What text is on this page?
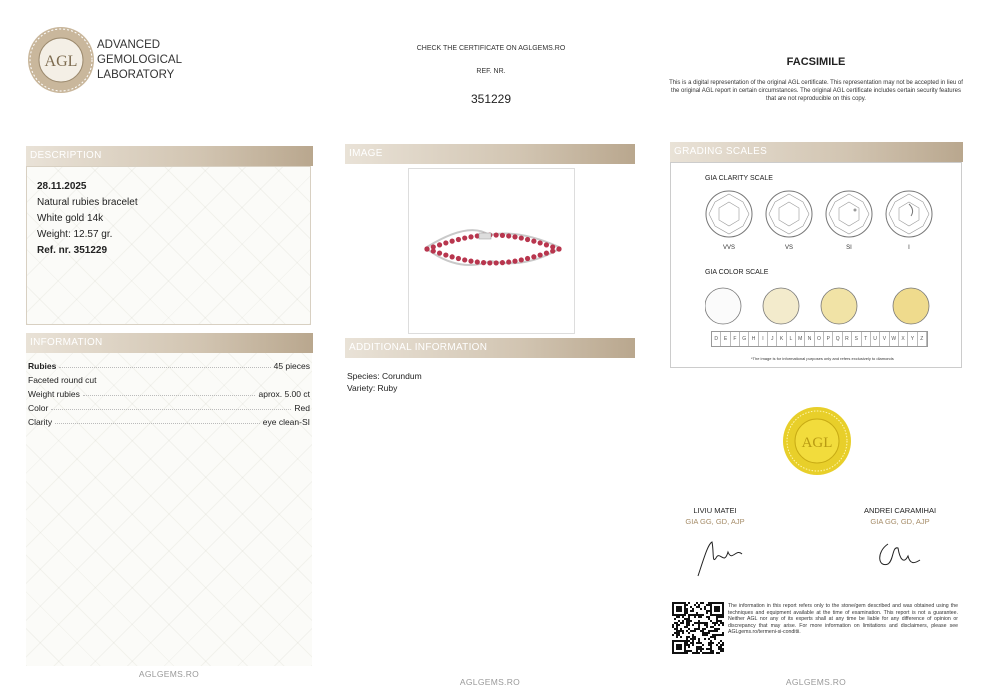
AGL
ADVANCED
GEMOLOGICAL
LABORATORY
CHECK THE CERTIFICATE ON AGLGEMS.RO
REF. NR.
351229
FACSIMILE
This is a digital representation of the original AGL certificate. This representation may not be accepted in lieu of the original AGL report in certain circumstances. The original AGL certificate includes certain security features that are not reproducible on this copy.
DESCRIPTION
28.11.2025
Natural rubies bracelet
White gold 14k
Weight: 12.57 gr.
Ref. nr. 351229
INFORMATION
Rubies	45 pieces
Faceted round cut
Weight rubies	aprox. 5.00 ct
Color	Red
Clarity	eye clean-SI
AGLGEMS.RO
IMAGE
ADDITIONAL INFORMATION
Species: Corundum
Variety: Ruby
AGLGEMS.RO
GRADING SCALES
GIA CLARITY SCALE
VVS	VS	SI	I
GIA COLOR SCALE
D	E	F	G	H	I	J	K	L	M	N	O	P	Q	R	S	T	U	V	W	X	Y	Z
*The image is for informational purposes only and refers exclusively to diamonds
AGL
LIVIU MATEI
GIA GG, GD, AJP
ANDREI CARAMIHAI
GIA GG, GD, AJP
The information in this report refers only to the stone/gem described and was obtained using the techniques and equipment available at the time of examination. This report is not a guarantee. Neither AGL nor any of its experts shall at any time be liable for any difference of opinion or discrepancy that may arise. For more information on limitations and disclaimers, please see AGLgems.ro/termeni-si-conditii.
AGLGEMS.RO
